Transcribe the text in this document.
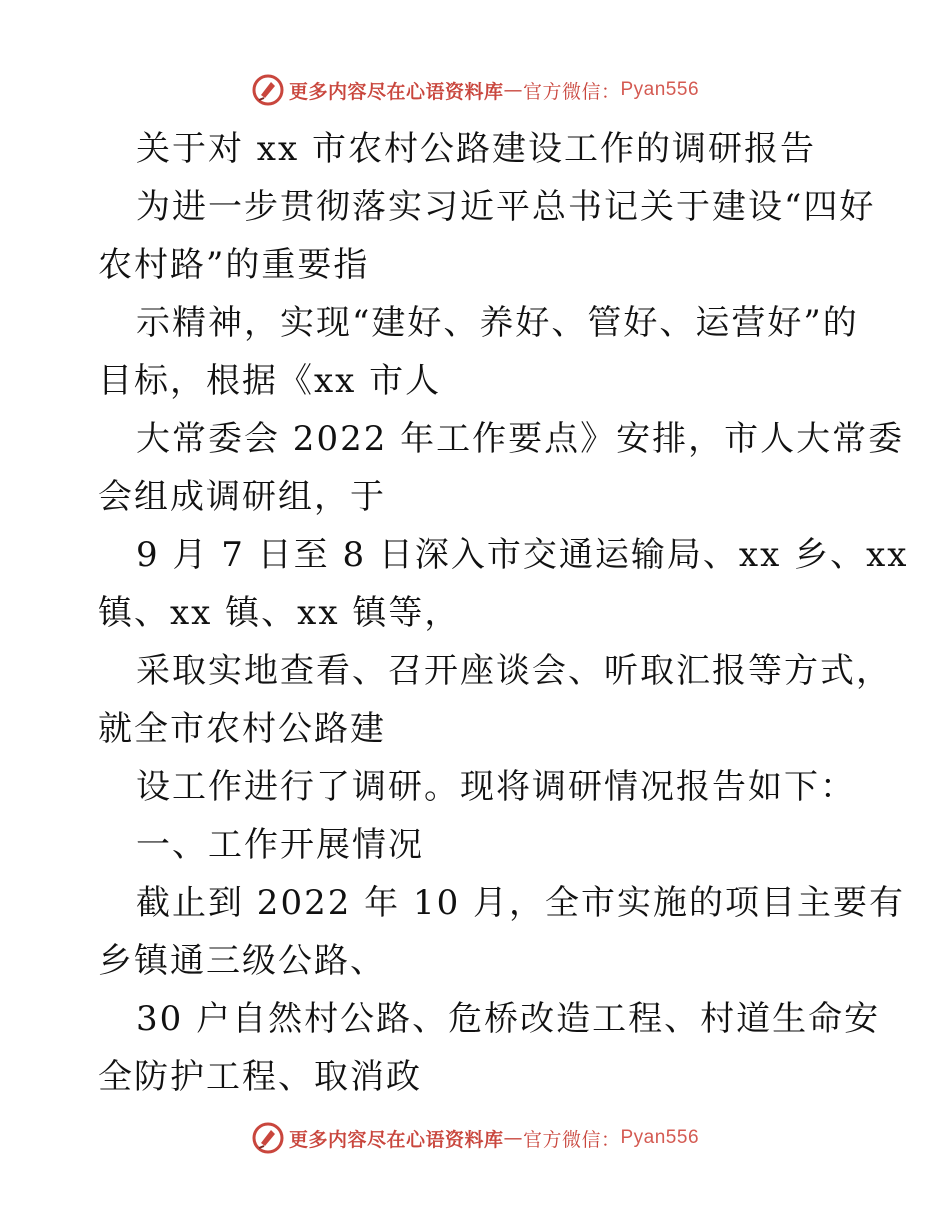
更多内容尽在心语资料库 — 官方微信： Pyan556
关于对 xx 市农村公路建设工作的调研报告
为进一步贯彻落实习近平总书记关于建设“四好
农村路”的重要指
示精神，实现“建好、养好、管好、运营好”的
目标，根据《xx 市人
大常委会 2022 年工作要点》安排，市人大常委
会组成调研组，于
9 月 7 日至 8 日深入市交通运输局、xx 乡、xx
镇、xx 镇、xx 镇等，
采取实地查看、召开座谈会、听取汇报等方式，
就全市农村公路建
设工作进行了调研。现将调研情况报告如下：
一、工作开展情况
截止到 2022 年 10 月，全市实施的项目主要有
乡镇通三级公路、
30 户自然村公路、危桥改造工程、村道生命安
全防护工程、取消政
更多内容尽在心语资料库 — 官方微信： Pyan556
